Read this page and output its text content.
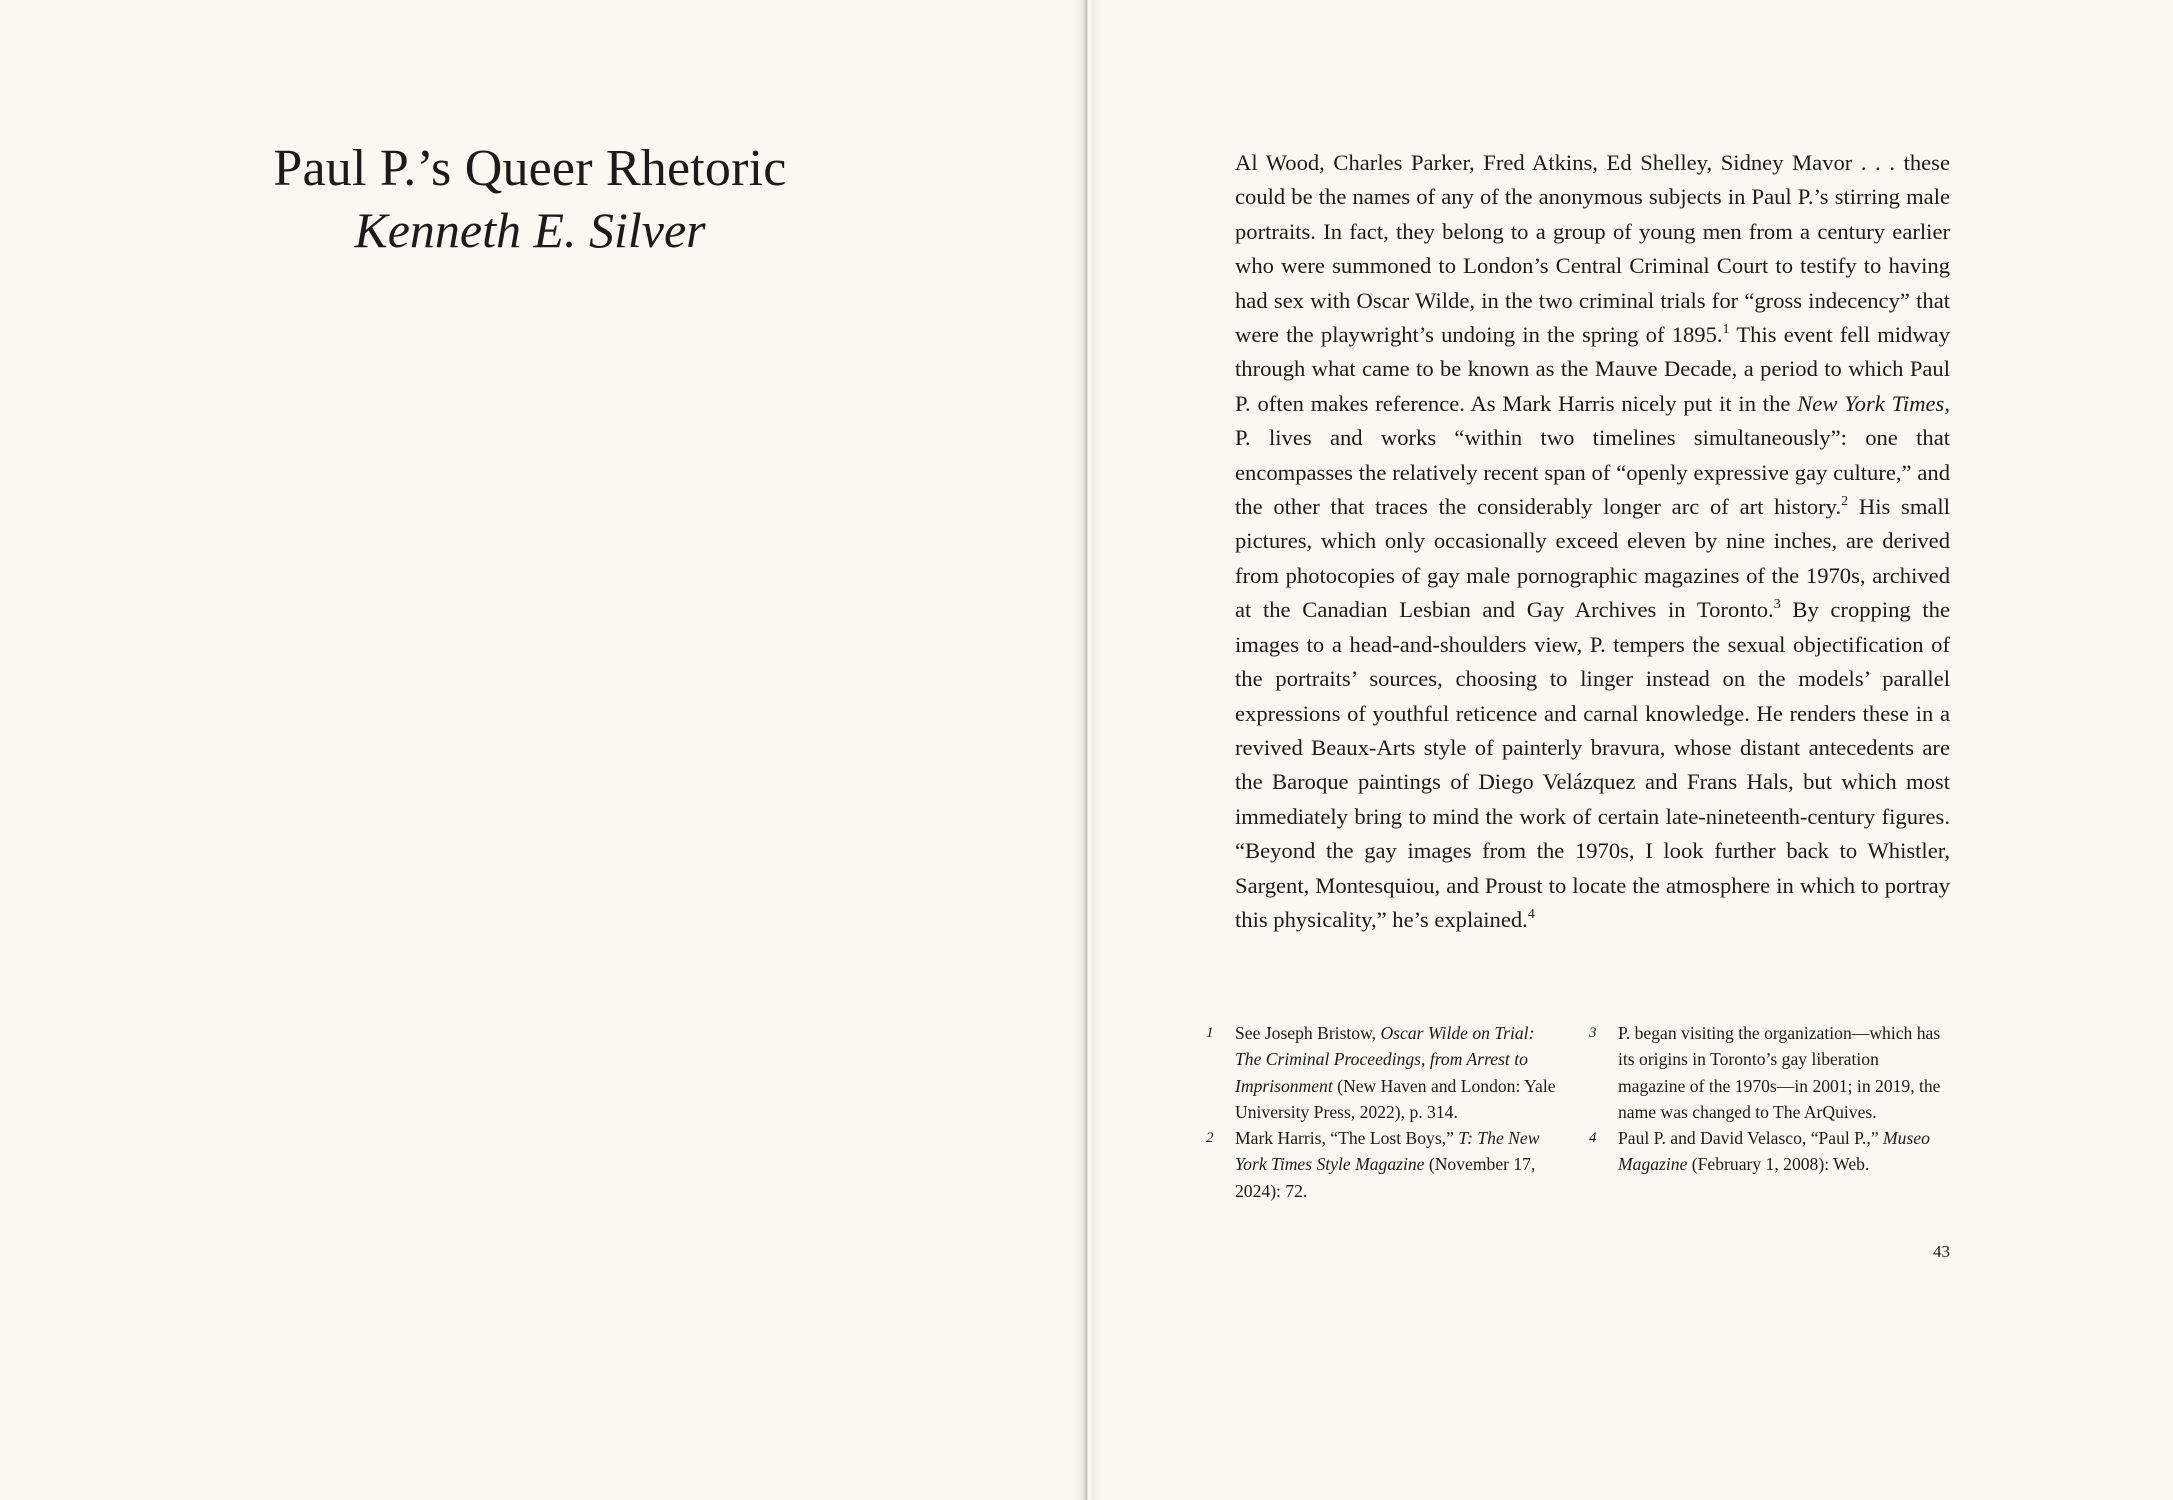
Paul P.’s Queer Rhetoric
Kenneth E. Silver

Al Wood, Charles Parker, Fred Atkins, Ed Shelley, Sidney Mavor . . . these could be the names of any of the anonymous subjects in Paul P.’s stirring male portraits. In fact, they belong to a group of young men from a century earlier who were summoned to London’s Central Criminal Court to testify to having had sex with Oscar Wilde, in the two criminal trials for “gross indecency” that were the playwright’s undoing in the spring of 1895.$^1$ This event fell midway through what came to be known as the Mauve Decade, a period to which Paul P. often makes reference. As Mark Harris nicely put it in the New York Times, P. lives and works “within two timelines simultaneously”: one that encompasses the relatively recent span of “openly expressive gay culture,” and the other that traces the considerably longer arc of art history.$^2$ His small pictures, which only occasionally exceed eleven by nine inches, are derived from photocopies of gay male pornographic magazines of the 1970s, archived at the Canadian Lesbian and Gay Archives in Toronto.$^3$ By cropping the images to a head-and-shoulders view, P. tempers the sexual objectification of the portraits’ sources, choosing to linger instead on the models’ parallel expressions of youthful reticence and carnal knowledge. He renders these in a revived Beaux-Arts style of painterly bravura, whose distant antecedents are the Baroque paintings of Diego Velázquez and Frans Hals, but which most immediately bring to mind the work of certain late-nineteenth-century figures. “Beyond the gay images from the 1970s, I look further back to Whistler, Sargent, Montesquiou, and Proust to locate the atmosphere in which to portray this physicality,” he’s explained.$^4$

1 See Joseph Bristow, Oscar Wilde on Trial: The Criminal Proceedings, from Arrest to Imprisonment (New Haven and London: Yale University Press, 2022), p. 314.
2 Mark Harris, “The Lost Boys,” T: The New York Times Style Magazine (November 17, 2024): 72.
3 P. began visiting the organization—which has its origins in Toronto’s gay liberation magazine of the 1970s—in 2001; in 2019, the name was changed to The ArQuives.
4 Paul P. and David Velasco, “Paul P.,” Museo Magazine (February 1, 2008): Web.
43
